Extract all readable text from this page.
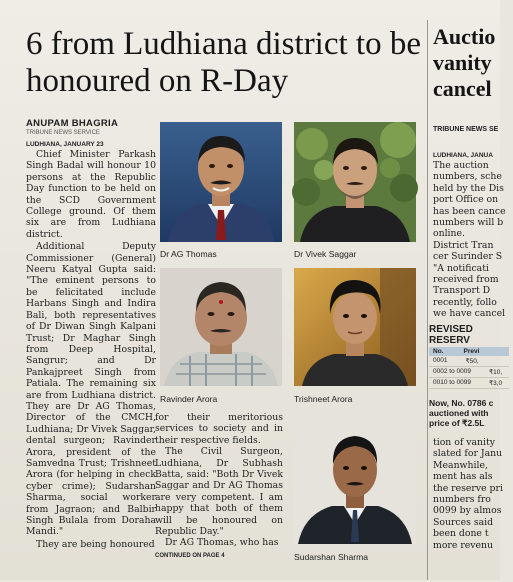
6 from Ludhiana district to be honoured on R-Day
ANUPAM BHAGRIA
TRIBUNE NEWS SERVICE
LUDHIANA, JANUARY 23

Chief Minister Parkash Singh Badal will honour 10 persons at the Republic Day function to be held on the SCD Government College ground. Of them six are from Ludhiana district.

Additional Deputy Commissioner (General) Neeru Katyal Gupta said: "The eminent persons to be felicitated include Harbans Singh and Indira Bali, both representatives of Dr Diwan Singh Kalpani Trust; Dr Maghar Singh from Deep Hospital, Sangrur; and Dr Pankajpreet Singh from Patiala. The remaining six are from Ludhiana district. They are Dr AG Thomas, Director of the CMCH, Ludhiana; Dr Vivek Saggar, dental surgeon; Ravinder Arora, president of the Samvedna Trust; Trishneet Arora (for helping in check cyber crime); Sudarshan Sharma, social worker from Jagraon; and Balbir Singh Bulala from Doraha Mandi."

They are being honoured

Dr AG Thomas	Dr Vivek Saggar
Ravinder Arora	Trishneet Arora

for their meritorious services to society and in their respective fields.

The Civil Surgeon, Ludhiana, Dr Subhash Batta, said: "Both Dr Vivek Saggar and Dr AG Thomas are very competent. I am happy that both of them will be honoured on Republic Day."

Dr AG Thomas, who has

CONTINUED ON PAGE 4	Sudarshan Sharma
Auctio
vanity
cancel
TRIBUNE NEWS SE
LUDHIANA, JANUA

The auction

numbers, sche

held by the Dis

port Office on

has been cance

numbers will b

online.

District Tran

cer Surinder S

"A notificati

received from

Transport D

recently, follo

we have cancel

REVISED RESERV
No.	Previ
0001	₹50,
0002 to 0009	₹10,
0010 to 0099	₹3,0
Now, No. 0786 c
auctioned with
price of ₹2.5L

tion of vanity

slated for Janu

Meanwhile,

ment has als

the reserve pri

numbers fro

0099 by almos

Sources said

been done t

more revenu
